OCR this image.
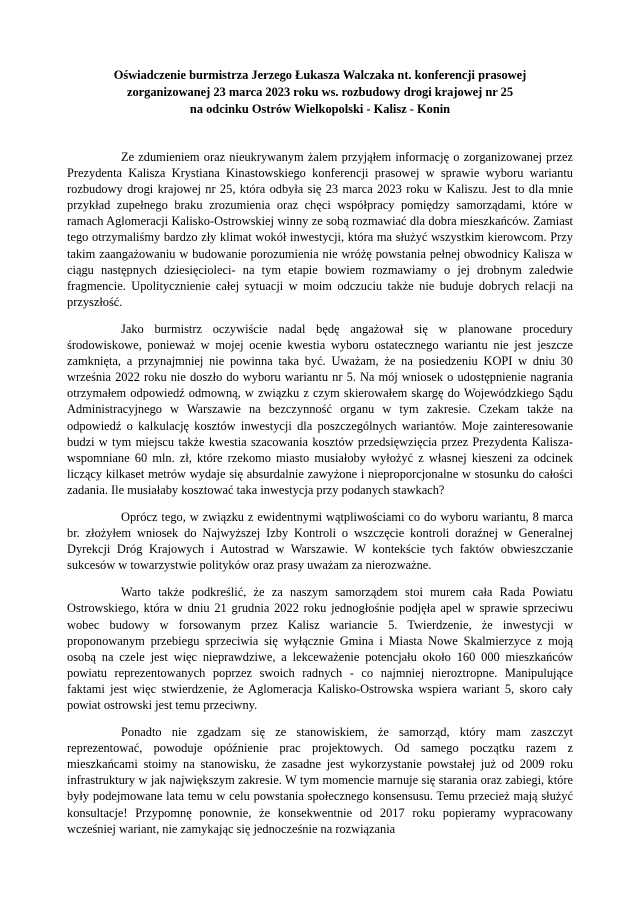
Oświadczenie burmistrza Jerzego Łukasza Walczaka nt. konferencji prasowej
zorganizowanej 23 marca 2023 roku ws. rozbudowy drogi krajowej nr 25
na odcinku Ostrów Wielkopolski - Kalisz - Konin

Ze zdumieniem oraz nieukrywanym żalem przyjąłem informację o zorganizowanej przez Prezydenta Kalisza Krystiana Kinastowskiego konferencji prasowej w sprawie wyboru wariantu rozbudowy drogi krajowej nr 25, która odbyła się 23 marca 2023 roku w Kaliszu. Jest to dla mnie przykład zupełnego braku zrozumienia oraz chęci współpracy pomiędzy samorządami, które w ramach Aglomeracji Kalisko-Ostrowskiej winny ze sobą rozmawiać dla dobra mieszkańców. Zamiast tego otrzymaliśmy bardzo zły klimat wokół inwestycji, która ma służyć wszystkim kierowcom. Przy takim zaangażowaniu w budowanie porozumienia nie wróżę powstania pełnej obwodnicy Kalisza w ciągu następnych dziesięcioleci- na tym etapie bowiem rozmawiamy o jej drobnym zaledwie fragmencie. Upolitycznienie całej sytuacji w moim odczuciu także nie buduje dobrych relacji na przyszłość.

Jako burmistrz oczywiście nadal będę angażował się w planowane procedury środowiskowe, ponieważ w mojej ocenie kwestia wyboru ostatecznego wariantu nie jest jeszcze zamknięta, a przynajmniej nie powinna taka być. Uważam, że na posiedzeniu KOPI w dniu 30 września 2022 roku nie doszło do wyboru wariantu nr 5. Na mój wniosek o udostępnienie nagrania otrzymałem odpowiedź odmowną, w związku z czym skierowałem skargę do Wojewódzkiego Sądu Administracyjnego w Warszawie na bezczynność organu w tym zakresie. Czekam także na odpowiedź o kalkulację kosztów inwestycji dla poszczególnych wariantów. Moje zainteresowanie budzi w tym miejscu także kwestia szacowania kosztów przedsięwzięcia przez Prezydenta Kalisza- wspomniane 60 mln. zł, które rzekomo miasto musiałoby wyłożyć z własnej kieszeni za odcinek liczący kilkaset metrów wydaje się absurdalnie zawyżone i nieproporcjonalne w stosunku do całości zadania. Ile musiałaby kosztować taka inwestycja przy podanych stawkach?

Oprócz tego, w związku z ewidentnymi wątpliwościami co do wyboru wariantu, 8 marca br. złożyłem wniosek do Najwyższej Izby Kontroli o wszczęcie kontroli doraźnej w Generalnej Dyrekcji Dróg Krajowych i Autostrad w Warszawie. W kontekście tych faktów obwieszczanie sukcesów w towarzystwie polityków oraz prasy uważam za nierozważne.

Warto także podkreślić, że za naszym samorządem stoi murem cała Rada Powiatu Ostrowskiego, która w dniu 21 grudnia 2022 roku jednogłośnie podjęła apel w sprawie sprzeciwu wobec budowy w forsowanym przez Kalisz wariancie 5. Twierdzenie, że inwestycji w proponowanym przebiegu sprzeciwia się wyłącznie Gmina i Miasta Nowe Skalmierzyce z moją osobą na czele jest więc nieprawdziwe, a lekceważenie potencjału około 160 000 mieszkańców powiatu reprezentowanych poprzez swoich radnych - co najmniej nieroztropne. Manipulujące faktami jest więc stwierdzenie, że Aglomeracja Kalisko-Ostrowska wspiera wariant 5, skoro cały powiat ostrowski jest temu przeciwny.

Ponadto nie zgadzam się ze stanowiskiem, że samorząd, który mam zaszczyt reprezentować, powoduje opóźnienie prac projektowych. Od samego początku razem z mieszkańcami stoimy na stanowisku, że zasadne jest wykorzystanie powstałej już od 2009 roku infrastruktury w jak największym zakresie. W tym momencie marnuje się starania oraz zabiegi, które były podejmowane lata temu w celu powstania społecznego konsensusu. Temu przecież mają służyć konsultacje! Przypomnę ponownie, że konsekwentnie od 2017 roku popieramy wypracowany wcześniej wariant, nie zamykając się jednocześnie na rozwiązania
